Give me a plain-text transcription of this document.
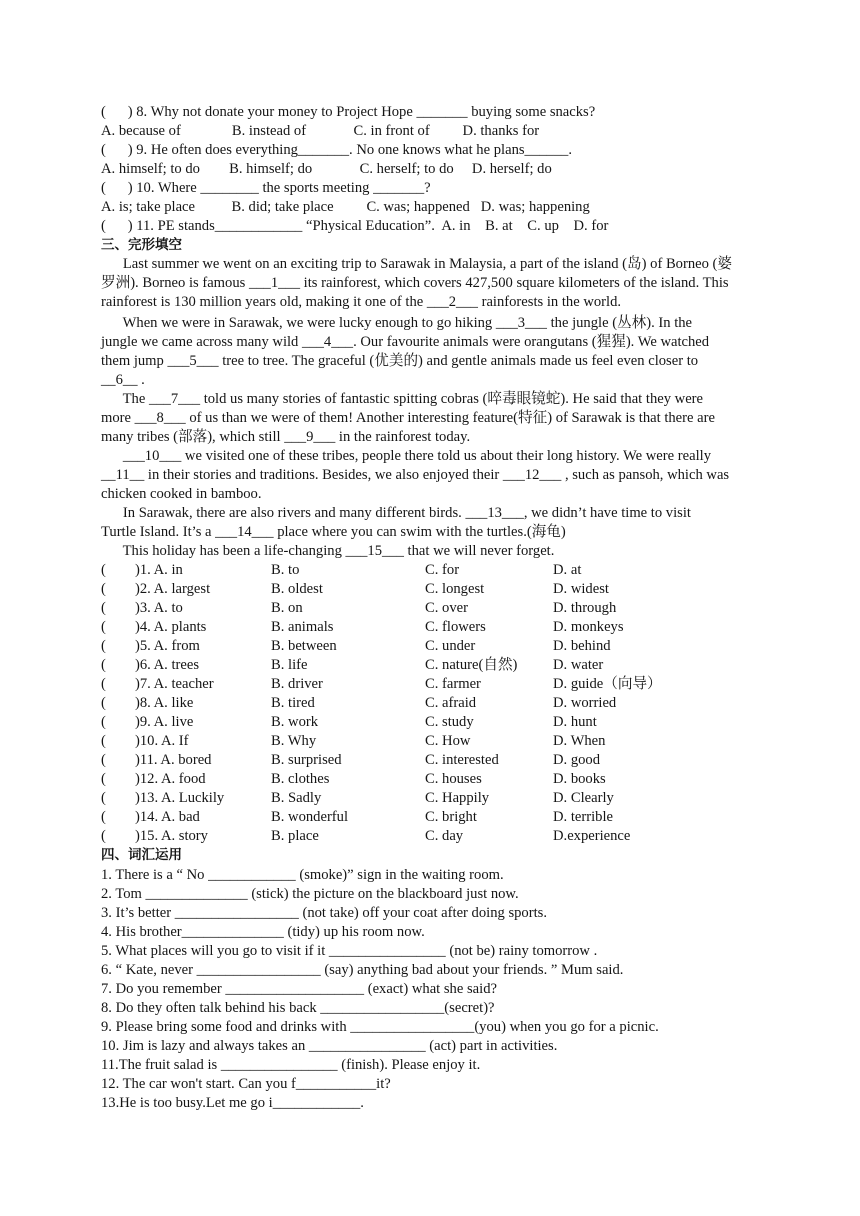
(      ) 8. Why not donate your money to Project Hope _______ buying some snacks?
A. because of              B. instead of             C. in front of         D. thanks for
(      ) 9. He often does everything_______. No one knows what he plans______.
A. himself; to do        B. himself; do             C. herself; to do     D. herself; do
(      ) 10. Where ________ the sports meeting _______?
A. is; take place          B. did; take place         C. was; happened   D. was; happening
(      ) 11. PE stands____________ “Physical Education”.  A. in    B. at    C. up    D. for
三、完形填空
Last summer we went on an exciting trip to Sarawak in Malaysia, a part of the island (岛) of Borneo (婆
罗洲). Borneo is famous ___1___ its rainforest, which covers 427,500 square kilometers of the island. This
rainforest is 130 million years old, making it one of the ___2___ rainforests in the world.
When we were in Sarawak, we were lucky enough to go hiking ___3___ the jungle (丛林). In the
jungle we came across many wild ___4___. Our favourite animals were orangutans (猩猩). We watched
them jump ___5___ tree to tree. The graceful (优美的) and gentle animals made us feel even closer to
__6__ .
The ___7___ told us many stories of fantastic spitting cobras (啐毒眼镜蛇). He said that they were
more ___8___ of us than we were of them! Another interesting feature(特征) of Sarawak is that there are
many tribes (部落), which still ___9___ in the rainforest today.
___10___ we visited one of these tribes, people there told us about their long history. We were really
__11__ in their stories and traditions. Besides, we also enjoyed their ___12___ , such as pansoh, which was
chicken cooked in bamboo.
In Sarawak, there are also rivers and many different birds. ___13___, we didn’t have time to visit
Turtle Island. It’s a ___14___ place where you can swim with the turtles.(海龟)
This holiday has been a life-changing ___15___ that we will never forget.
( )1. A. in	B. to	C. for	D. at
( )2. A. largest	B. oldest	C. longest	D. widest
( )3. A. to	B. on	C. over	D. through
( )4. A. plants	B. animals	C. flowers	D. monkeys
( )5. A. from	B. between	C. under	D. behind
( )6. A. trees	B. life	C. nature(自然) D. water
( )7. A. teacher	B. driver	C. farmer	D. guide（向导）
( )8. A. like	B. tired	C. afraid	D. worried
( )9. A. live	B. work	C. study	D. hunt
( )10. A. If	B. Why	C. How	D. When
( )11. A. bored	B. surprised	C. interested	D. good
( )12. A. food	B. clothes	C. houses	D. books
( )13. A. Luckily	B. Sadly	C. Happily	D. Clearly
( )14. A. bad	B. wonderful	C. bright	D. terrible
( )15. A. story	B. place	C. day	D.experience
四、词汇运用
1. There is a “ No ____________ (smoke)” sign in the waiting room.
2. Tom ______________ (stick) the picture on the blackboard just now.
3. It’s better _________________ (not take) off your coat after doing sports.
4. His brother______________ (tidy) up his room now.
5. What places will you go to visit if it ________________ (not be) rainy tomorrow .
6. “ Kate, never _________________ (say) anything bad about your friends. ” Mum said.
7. Do you remember ___________________ (exact) what she said?
8. Do they often talk behind his back _________________(secret)?
9. Please bring some food and drinks with _________________(you) when you go for a picnic.
10. Jim is lazy and always takes an ________________ (act) part in activities.
11.The fruit salad is ________________ (finish). Please enjoy it.
12. The car won't start. Can you f___________it?
13.He is too busy.Let me go i____________.
